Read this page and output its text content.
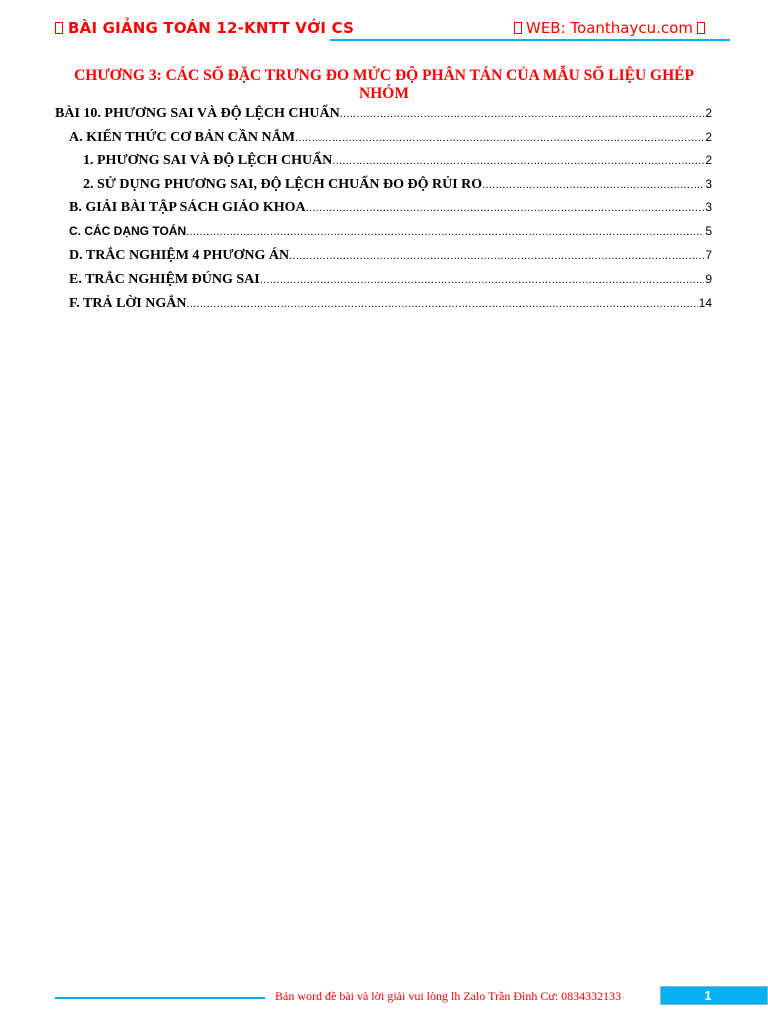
BÀI GIẢNG TOÁN 12-KNTT VỚI CS	WEB: Toanthaycu.com
CHƯƠNG 3: CÁC SỐ ĐẶC TRƯNG ĐO MỨC ĐỘ PHÂN TÁN CỦA MẪU SỐ LIỆU GHÉP NHÓM
BÀI 10. PHƯƠNG SAI VÀ ĐỘ LỆCH CHUẨN .....	2
A. KIẾN THỨC CƠ BẢN CẦN NẮM .....	2
1. PHƯƠNG SAI VÀ ĐỘ LỆCH CHUẨN .....	2
2. SỬ DỤNG PHƯƠNG SAI, ĐỘ LỆCH CHUẨN ĐO ĐỘ RỦI RO .....	3
B. GIẢI BÀI TẬP SÁCH GIÁO KHOA .....	3
C. CÁC DẠNG TOÁN .....	5
D. TRẮC NGHIỆM 4 PHƯƠNG ÁN .....	7
E. TRẮC NGHIỆM ĐÚNG SAI .....	9
F. TRẢ LỜI NGẮN .....	14
Bản word đề bài và lời giải vui lòng lh Zalo Trần Đình Cư: 0834332133	1
